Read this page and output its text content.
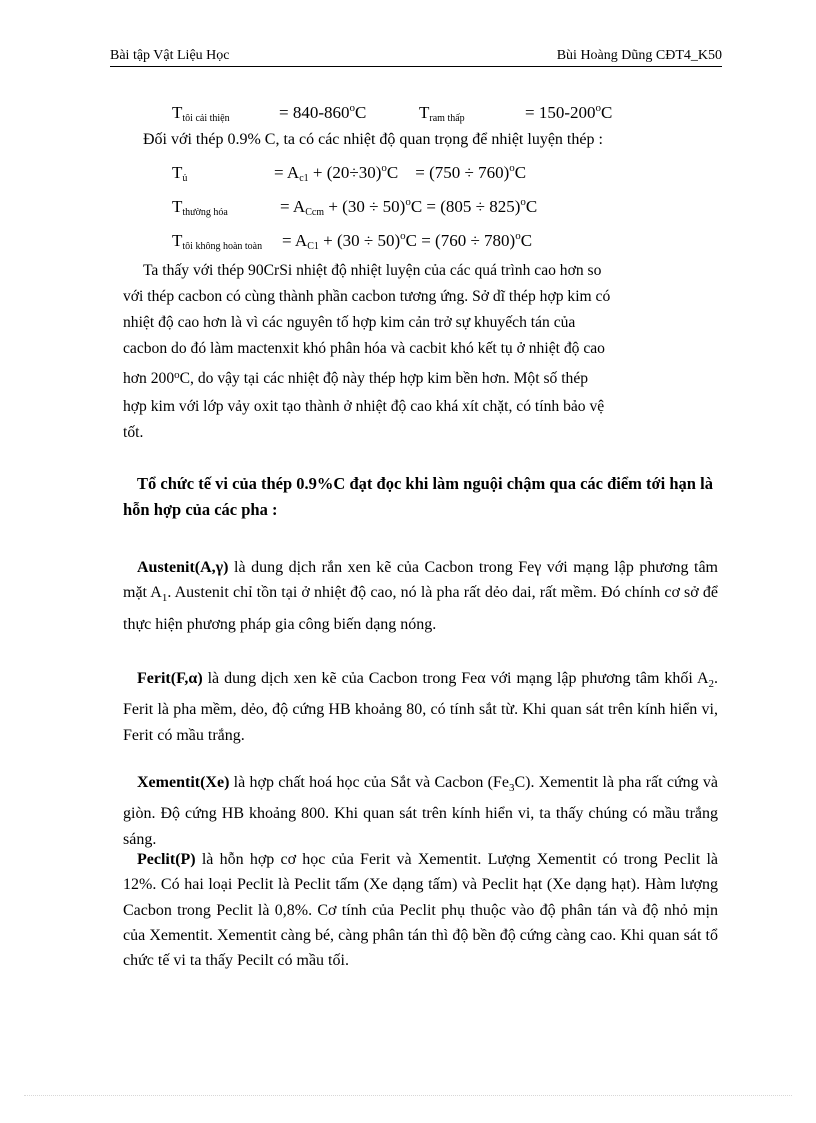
Bài tập Vật Liệu Học	Bùi Hoàng Dũng CĐT4_K50
Ttôi cải thiện	= $840-860^oC$	Tram thấp	= $150-200^oC$
Đối với thép 0.9% C, ta có các nhiệt độ quan trọng để nhiệt luyện thép :
Tủ	= $Ac1 + (20\div 30)^oC = (750 \div 760)^oC$
Tthường hóa	= ACcm + $(30 \div 50)^oC = (805 \div 825)^oC$
Ttôi không hoàn toàn = $AC1 + (30 \div 50)^oC = (760 \div 780)^oC$
Ta thấy với thép 90CrSi nhiệt độ nhiệt luyện của các quá trình cao hơn so
với thép cacbon có cùng thành phần cacbon tương ứng. Sở dĩ thép hợp kim có
nhiệt độ cao hơn là vì các nguyên tố hợp kim cản trở sự khuyếch tán của
cacbon do đó làm mactenxit khó phân hóa và cacbit khó kết tụ ở nhiệt độ cao
hơn 200$^o$C, do vậy tại các nhiệt độ này thép hợp kim bền hơn. Một số thép
hợp kim với lớp vảy oxit tạo thành ở nhiệt độ cao khá xít chặt, có tính bảo vệ
tốt.
Tổ chức tế vi của thép 0.9%C đạt đọc khi làm nguội chậm qua các điểm tới hạn là hỗn hợp của các pha :
Austenit(A,γ) là dung dịch rắn xen kẽ của Cacbon trong Feγ với mạng lập phương tâm mặt $A_1$. Austenit chỉ tồn tại ở nhiệt độ cao, nó là pha rất dẻo dai, rất mềm. Đó chính cơ sở để thực hiện phương pháp gia công biến dạng nóng.
Ferit(F,α) là dung dịch xen kẽ của Cacbon trong Feα với mạng lập phương tâm khối $A_2$. Ferit là pha mềm, dẻo, độ cứng HB khoảng 80, có tính sắt từ. Khi quan sát trên kính hiển vi, Ferit có mầu trắng.
Xementit(Xe) là hợp chất hoá học của Sắt và Cacbon $(Fe_3C)$. Xementit là pha rất cứng và giòn. Độ cứng HB khoảng 800. Khi quan sát trên kính hiển vi, ta thấy chúng có mầu trắng sáng.
Peclit(P) là hỗn hợp cơ học của Ferit và Xementit. Lượng Xementit có trong Peclit là 12%. Có hai loại Peclit là Peclit tấm (Xe dạng tấm) và Peclit hạt (Xe dạng hạt). Hàm lượng Cacbon trong Peclit là 0,8%. Cơ tính của Peclit phụ thuộc vào độ phân tán và độ nhỏ mịn của Xementit. Xementit càng bé, càng phân tán thì độ bền độ cứng càng cao. Khi quan sát tổ chức tế vi ta thấy Pecilt có mầu tối.
